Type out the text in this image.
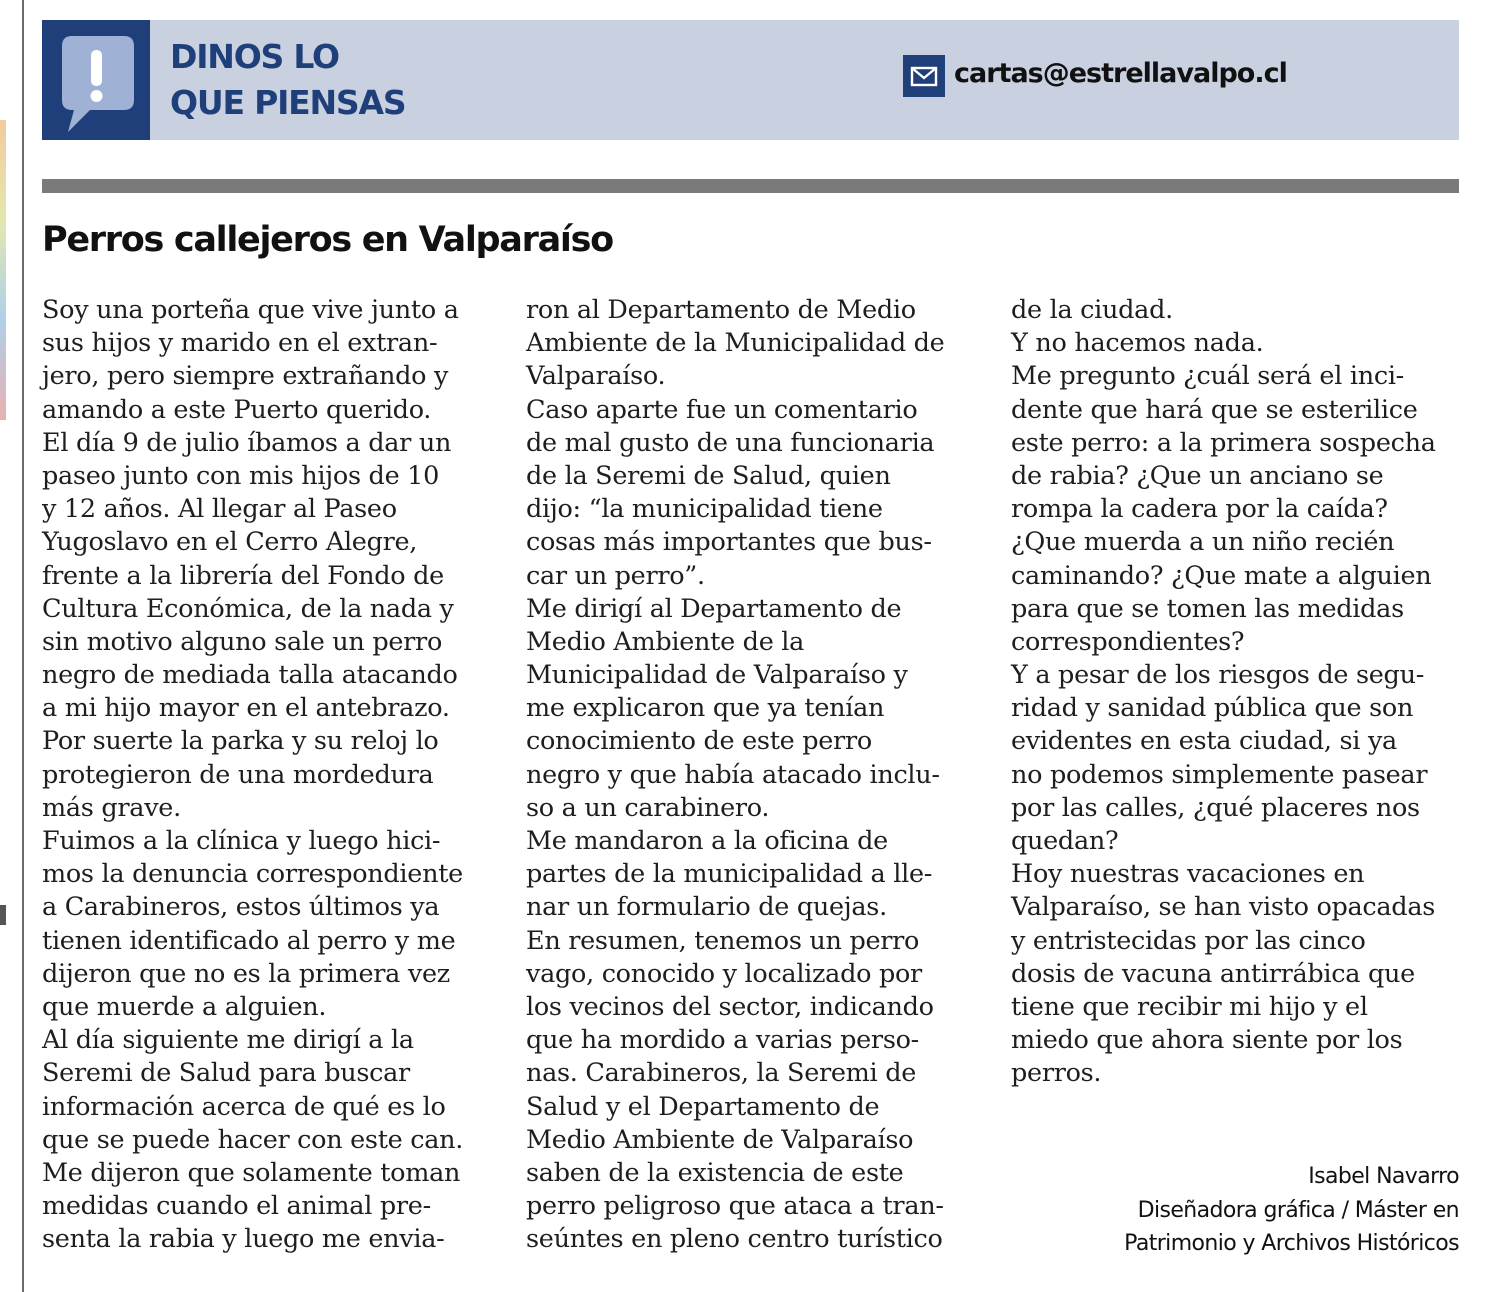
DINOS LO
QUE PIENSAS
cartas@estrellavalpo.cl
Perros callejeros en Valparaíso
Soy una porteña que vive junto a
sus hijos y marido en el extran-
jero, pero siempre extrañando y
amando a este Puerto querido.
El día 9 de julio íbamos a dar un
paseo junto con mis hijos de 10
y 12 años. Al llegar al Paseo
Yugoslavo en el Cerro Alegre,
frente a la librería del Fondo de
Cultura Económica, de la nada y
sin motivo alguno sale un perro
negro de mediada talla atacando
a mi hijo mayor en el antebrazo.
Por suerte la parka y su reloj lo
protegieron de una mordedura
más grave.
Fuimos a la clínica y luego hici-
mos la denuncia correspondiente
a Carabineros, estos últimos ya
tienen identificado al perro y me
dijeron que no es la primera vez
que muerde a alguien.
Al día siguiente me dirigí a la
Seremi de Salud para buscar
información acerca de qué es lo
que se puede hacer con este can.
Me dijeron que solamente toman
medidas cuando el animal pre-
senta la rabia y luego me envia-
ron al Departamento de Medio
Ambiente de la Municipalidad de
Valparaíso.
Caso aparte fue un comentario
de mal gusto de una funcionaria
de la Seremi de Salud, quien
dijo: “la municipalidad tiene
cosas más importantes que bus-
car un perro”.
Me dirigí al Departamento de
Medio Ambiente de la
Municipalidad de Valparaíso y
me explicaron que ya tenían
conocimiento de este perro
negro y que había atacado inclu-
so a un carabinero.
Me mandaron a la oficina de
partes de la municipalidad a lle-
nar un formulario de quejas.
En resumen, tenemos un perro
vago, conocido y localizado por
los vecinos del sector, indicando
que ha mordido a varias perso-
nas. Carabineros, la Seremi de
Salud y el Departamento de
Medio Ambiente de Valparaíso
saben de la existencia de este
perro peligroso que ataca a tran-
seúntes en pleno centro turístico
de la ciudad.
Y no hacemos nada.
Me pregunto ¿cuál será el inci-
dente que hará que se esterilice
este perro: a la primera sospecha
de rabia? ¿Que un anciano se
rompa la cadera por la caída?
¿Que muerda a un niño recién
caminando? ¿Que mate a alguien
para que se tomen las medidas
correspondientes?
Y a pesar de los riesgos de segu-
ridad y sanidad pública que son
evidentes en esta ciudad, si ya
no podemos simplemente pasear
por las calles, ¿qué placeres nos
quedan?
Hoy nuestras vacaciones en
Valparaíso, se han visto opacadas
y entristecidas por las cinco
dosis de vacuna antirrábica que
tiene que recibir mi hijo y el
miedo que ahora siente por los
perros.
Isabel Navarro
Diseñadora gráfica / Máster en
Patrimonio y Archivos Históricos
